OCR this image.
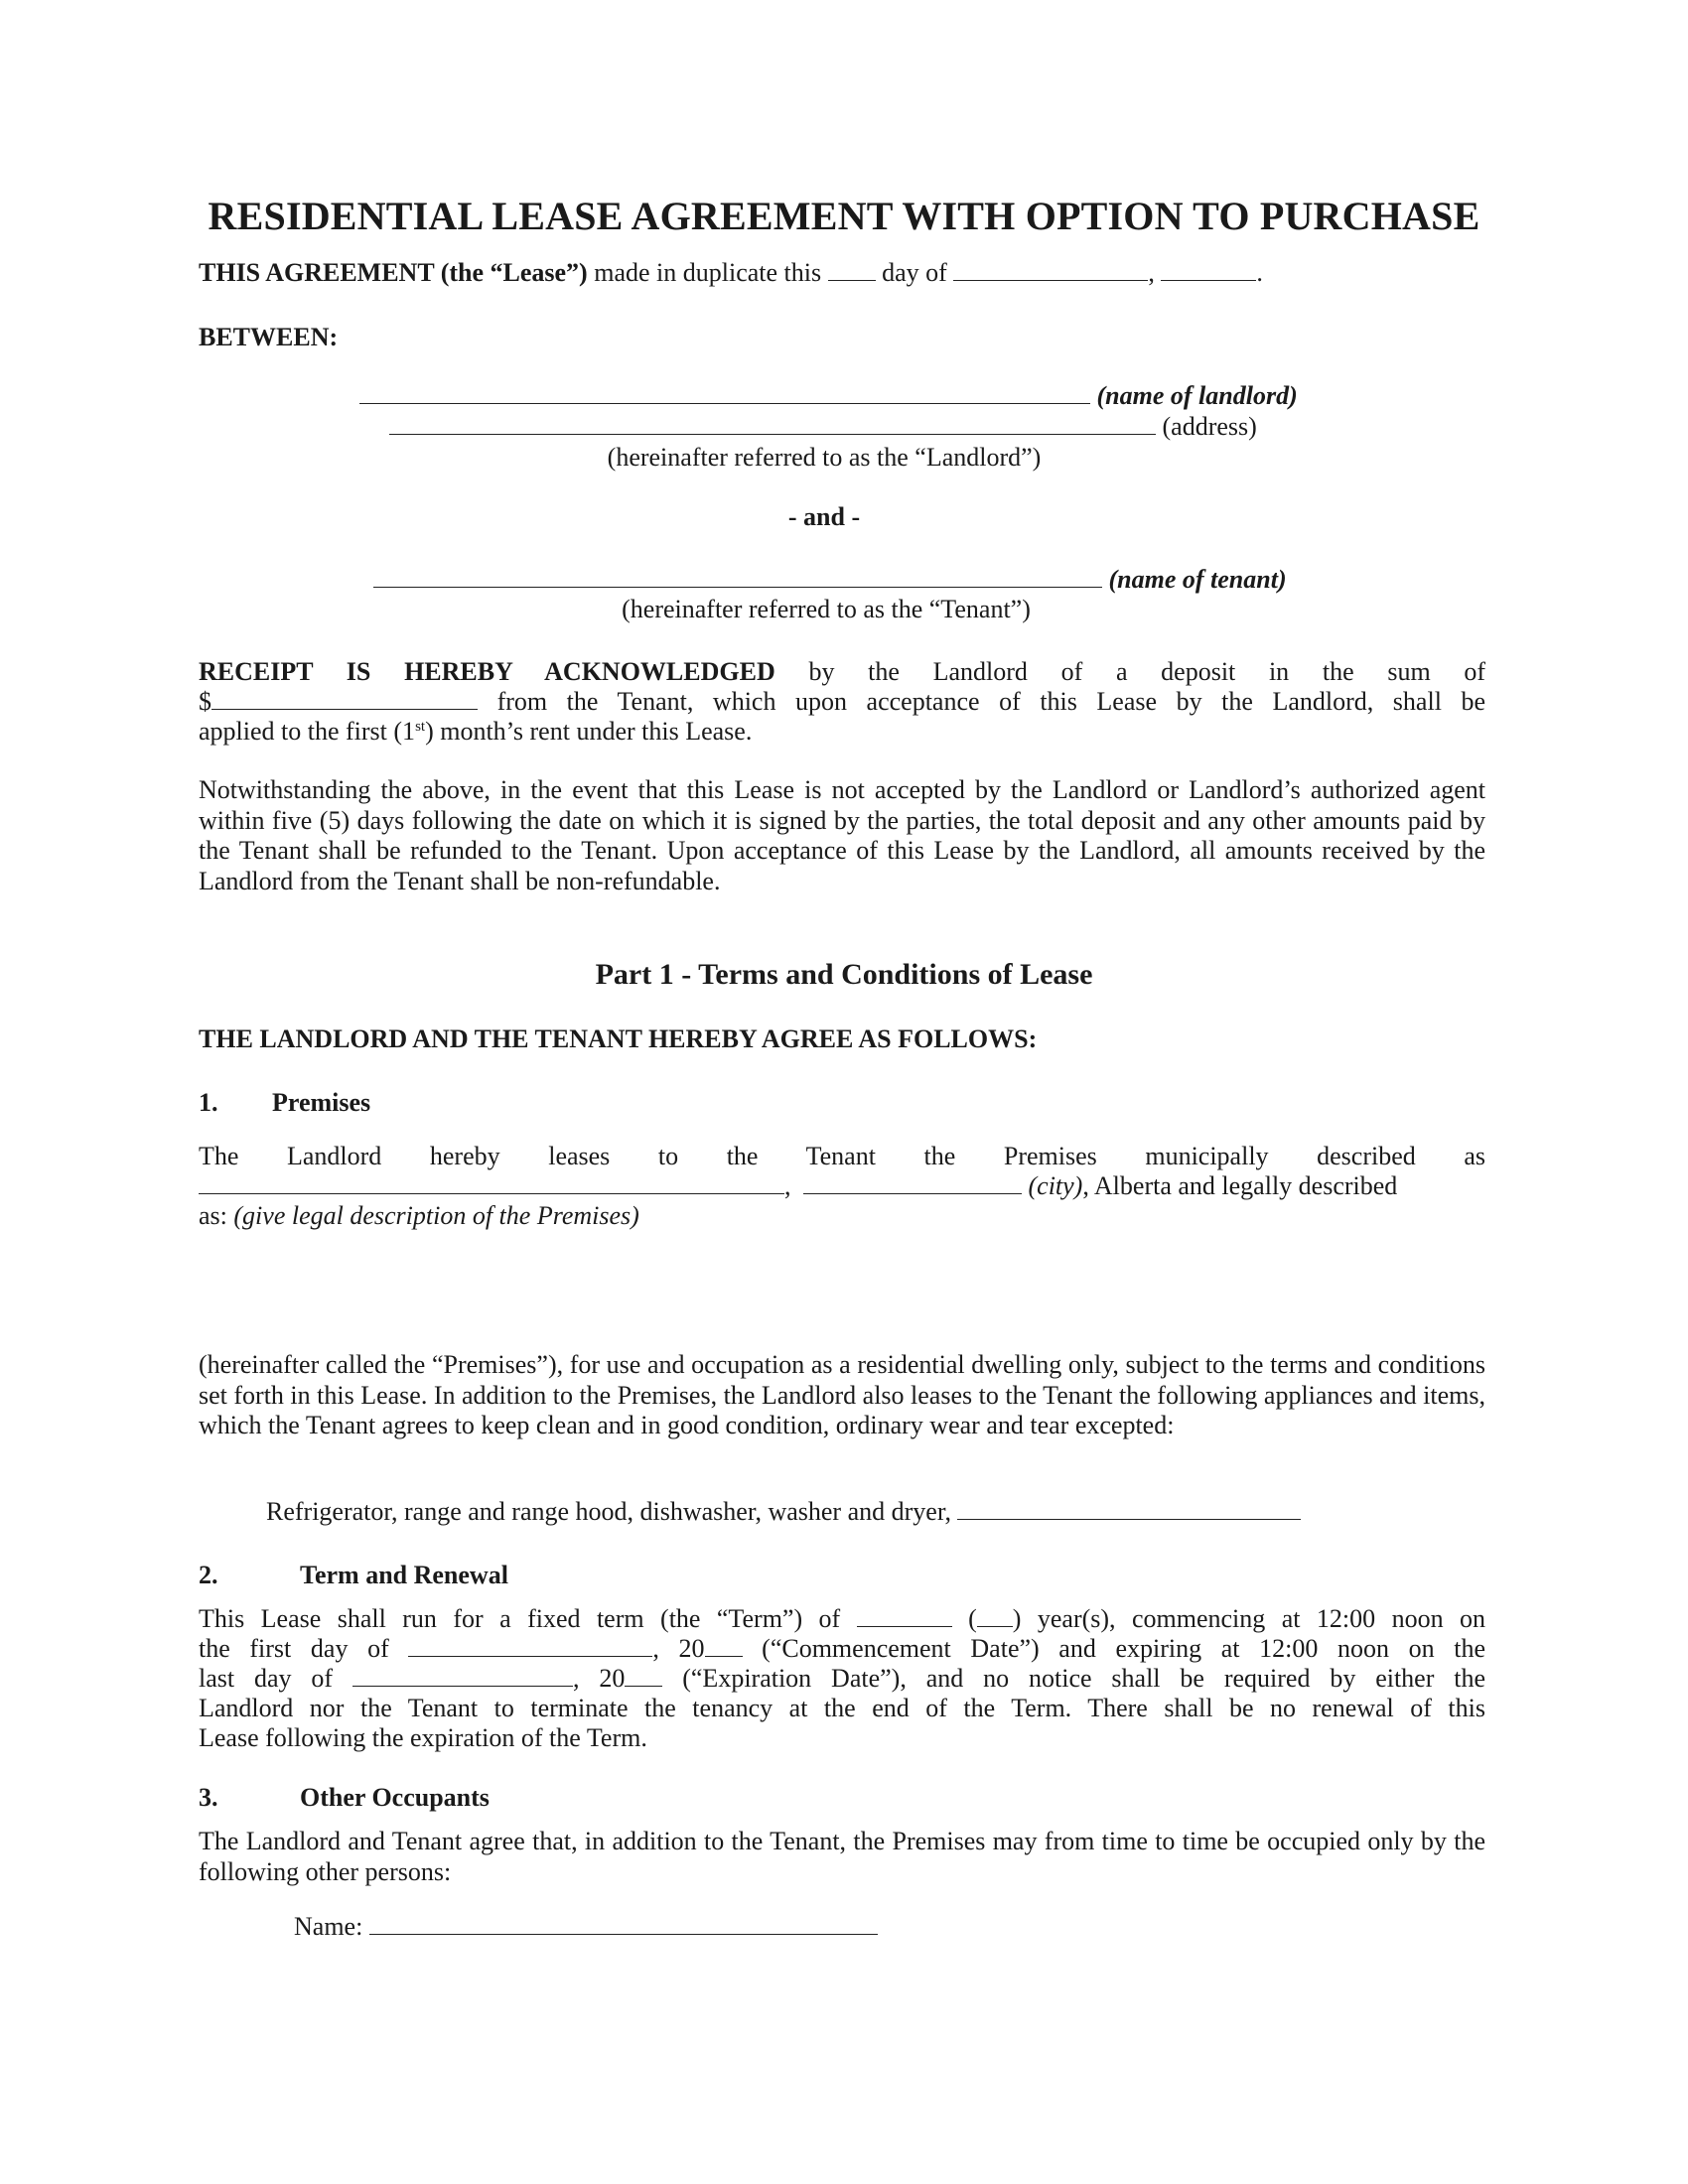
RESIDENTIAL LEASE AGREEMENT WITH OPTION TO PURCHASE
THIS AGREEMENT (the “Lease”) made in duplicate this day of	,	.
BETWEEN:
(name of landlord)
(address)
(hereinafter referred to as the “Landlord”)
- and -
(name of tenant)
(hereinafter referred to as the “Tenant”)
RECEIPT IS HEREBY ACKNOWLEDGED by the Landlord of a deposit in the sum of
$	from the Tenant, which upon acceptance of this Lease by the Landlord, shall be
applied to the first (1st) month’s rent under this Lease.
Notwithstanding the above, in the event that this Lease is not accepted by the Landlord or Landlord’s authorized agent within five (5) days following the date on which it is signed by the parties, the total deposit and any other amounts paid by the Tenant shall be refunded to the Tenant. Upon acceptance of this Lease by the Landlord, all amounts received by the Landlord from the Tenant shall be non-refundable.
Part 1 - Terms and Conditions of Lease
THE LANDLORD AND THE TENANT HEREBY AGREE AS FOLLOWS:
1. Premises
The Landlord hereby leases to the Tenant the Premises municipally described as
,	(city), Alberta and legally described
as: (give legal description of the Premises)
(hereinafter called the “Premises”), for use and occupation as a residential dwelling only, subject to the terms and conditions set forth in this Lease. In addition to the Premises, the Landlord also leases to the Tenant the following appliances and items, which the Tenant agrees to keep clean and in good condition, ordinary wear and tear excepted:
Refrigerator, range and range hood, dishwasher, washer and dryer,
2.	Term and Renewal
This Lease shall run for a fixed term (the “Term”) of	( ) year(s), commencing at 12:00 noon on
the first day of	, 20 (“Commencement Date”) and expiring at 12:00 noon on the
last day of	, 20 (“Expiration Date”), and no notice shall be required by either the
Landlord nor the Tenant to terminate the tenancy at the end of the Term. There shall be no renewal of this
Lease following the expiration of the Term.
3.	Other Occupants
The Landlord and Tenant agree that, in addition to the Tenant, the Premises may from time to time be occupied only by the following other persons:
Name:
